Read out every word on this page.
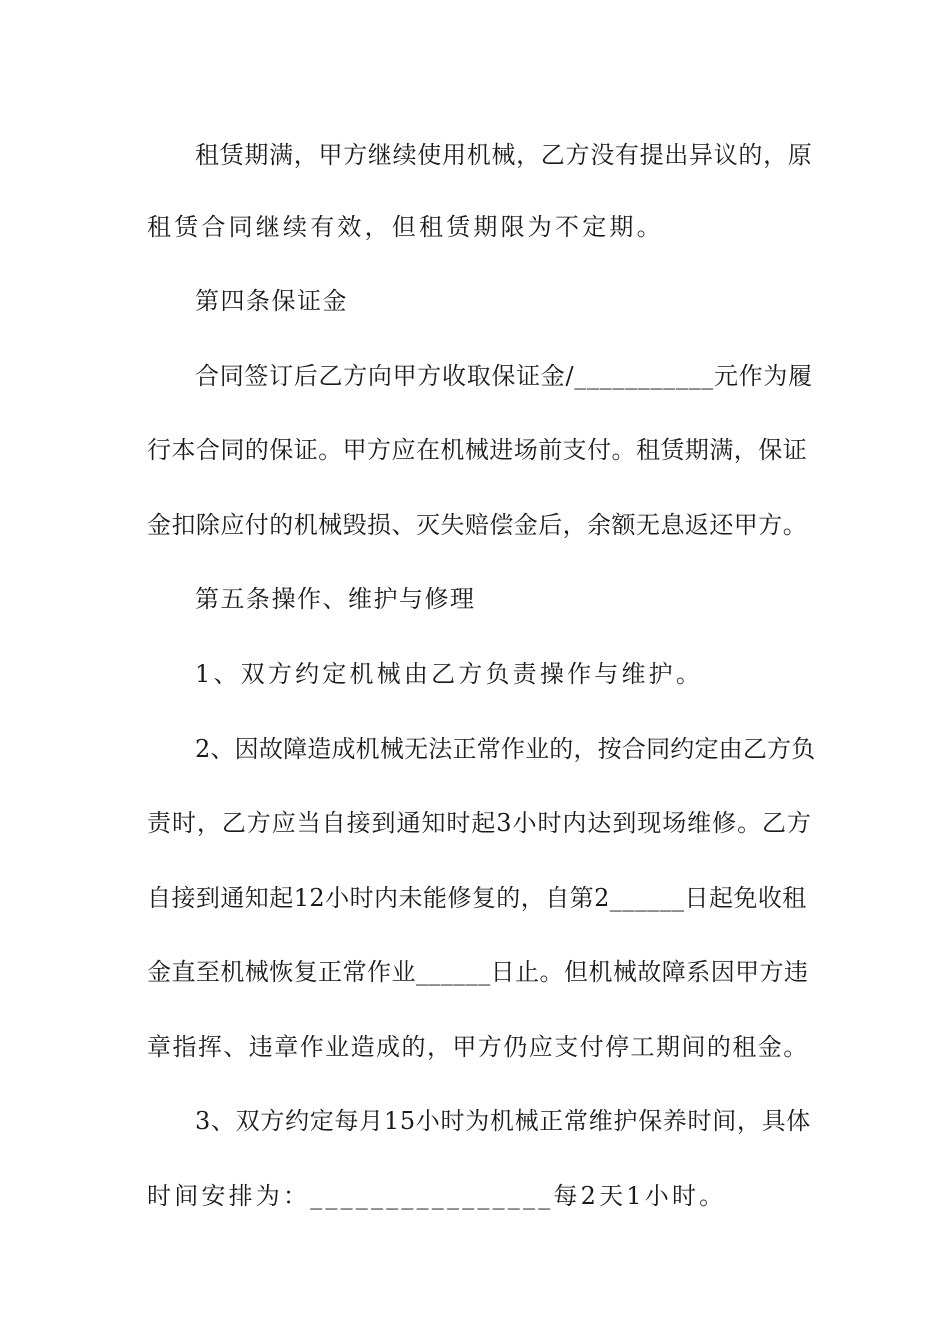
租赁期满，甲方继续使用机械，乙方没有提出异议的，原
租赁合同继续有效，但租赁期限为不定期。
第四条保证金
合同签订后乙方向甲方收取保证金/___________元作为履
行本合同的保证。甲方应在机械进场前支付。租赁期满，保证
金扣除应付的机械毁损、灭失赔偿金后，余额无息返还甲方。
第五条操作、维护与修理
1、双方约定机械由乙方负责操作与维护。
2、因故障造成机械无法正常作业的，按合同约定由乙方负
责时，乙方应当自接到通知时起3小时内达到现场维修。乙方
自接到通知起12小时内未能修复的，自第2______日起免收租
金直至机械恢复正常作业______日止。但机械故障系因甲方违
章指挥、违章作业造成的，甲方仍应支付停工期间的租金。
3、双方约定每月15小时为机械正常维护保养时间，具体
时间安排为：________________每2天1小时。
